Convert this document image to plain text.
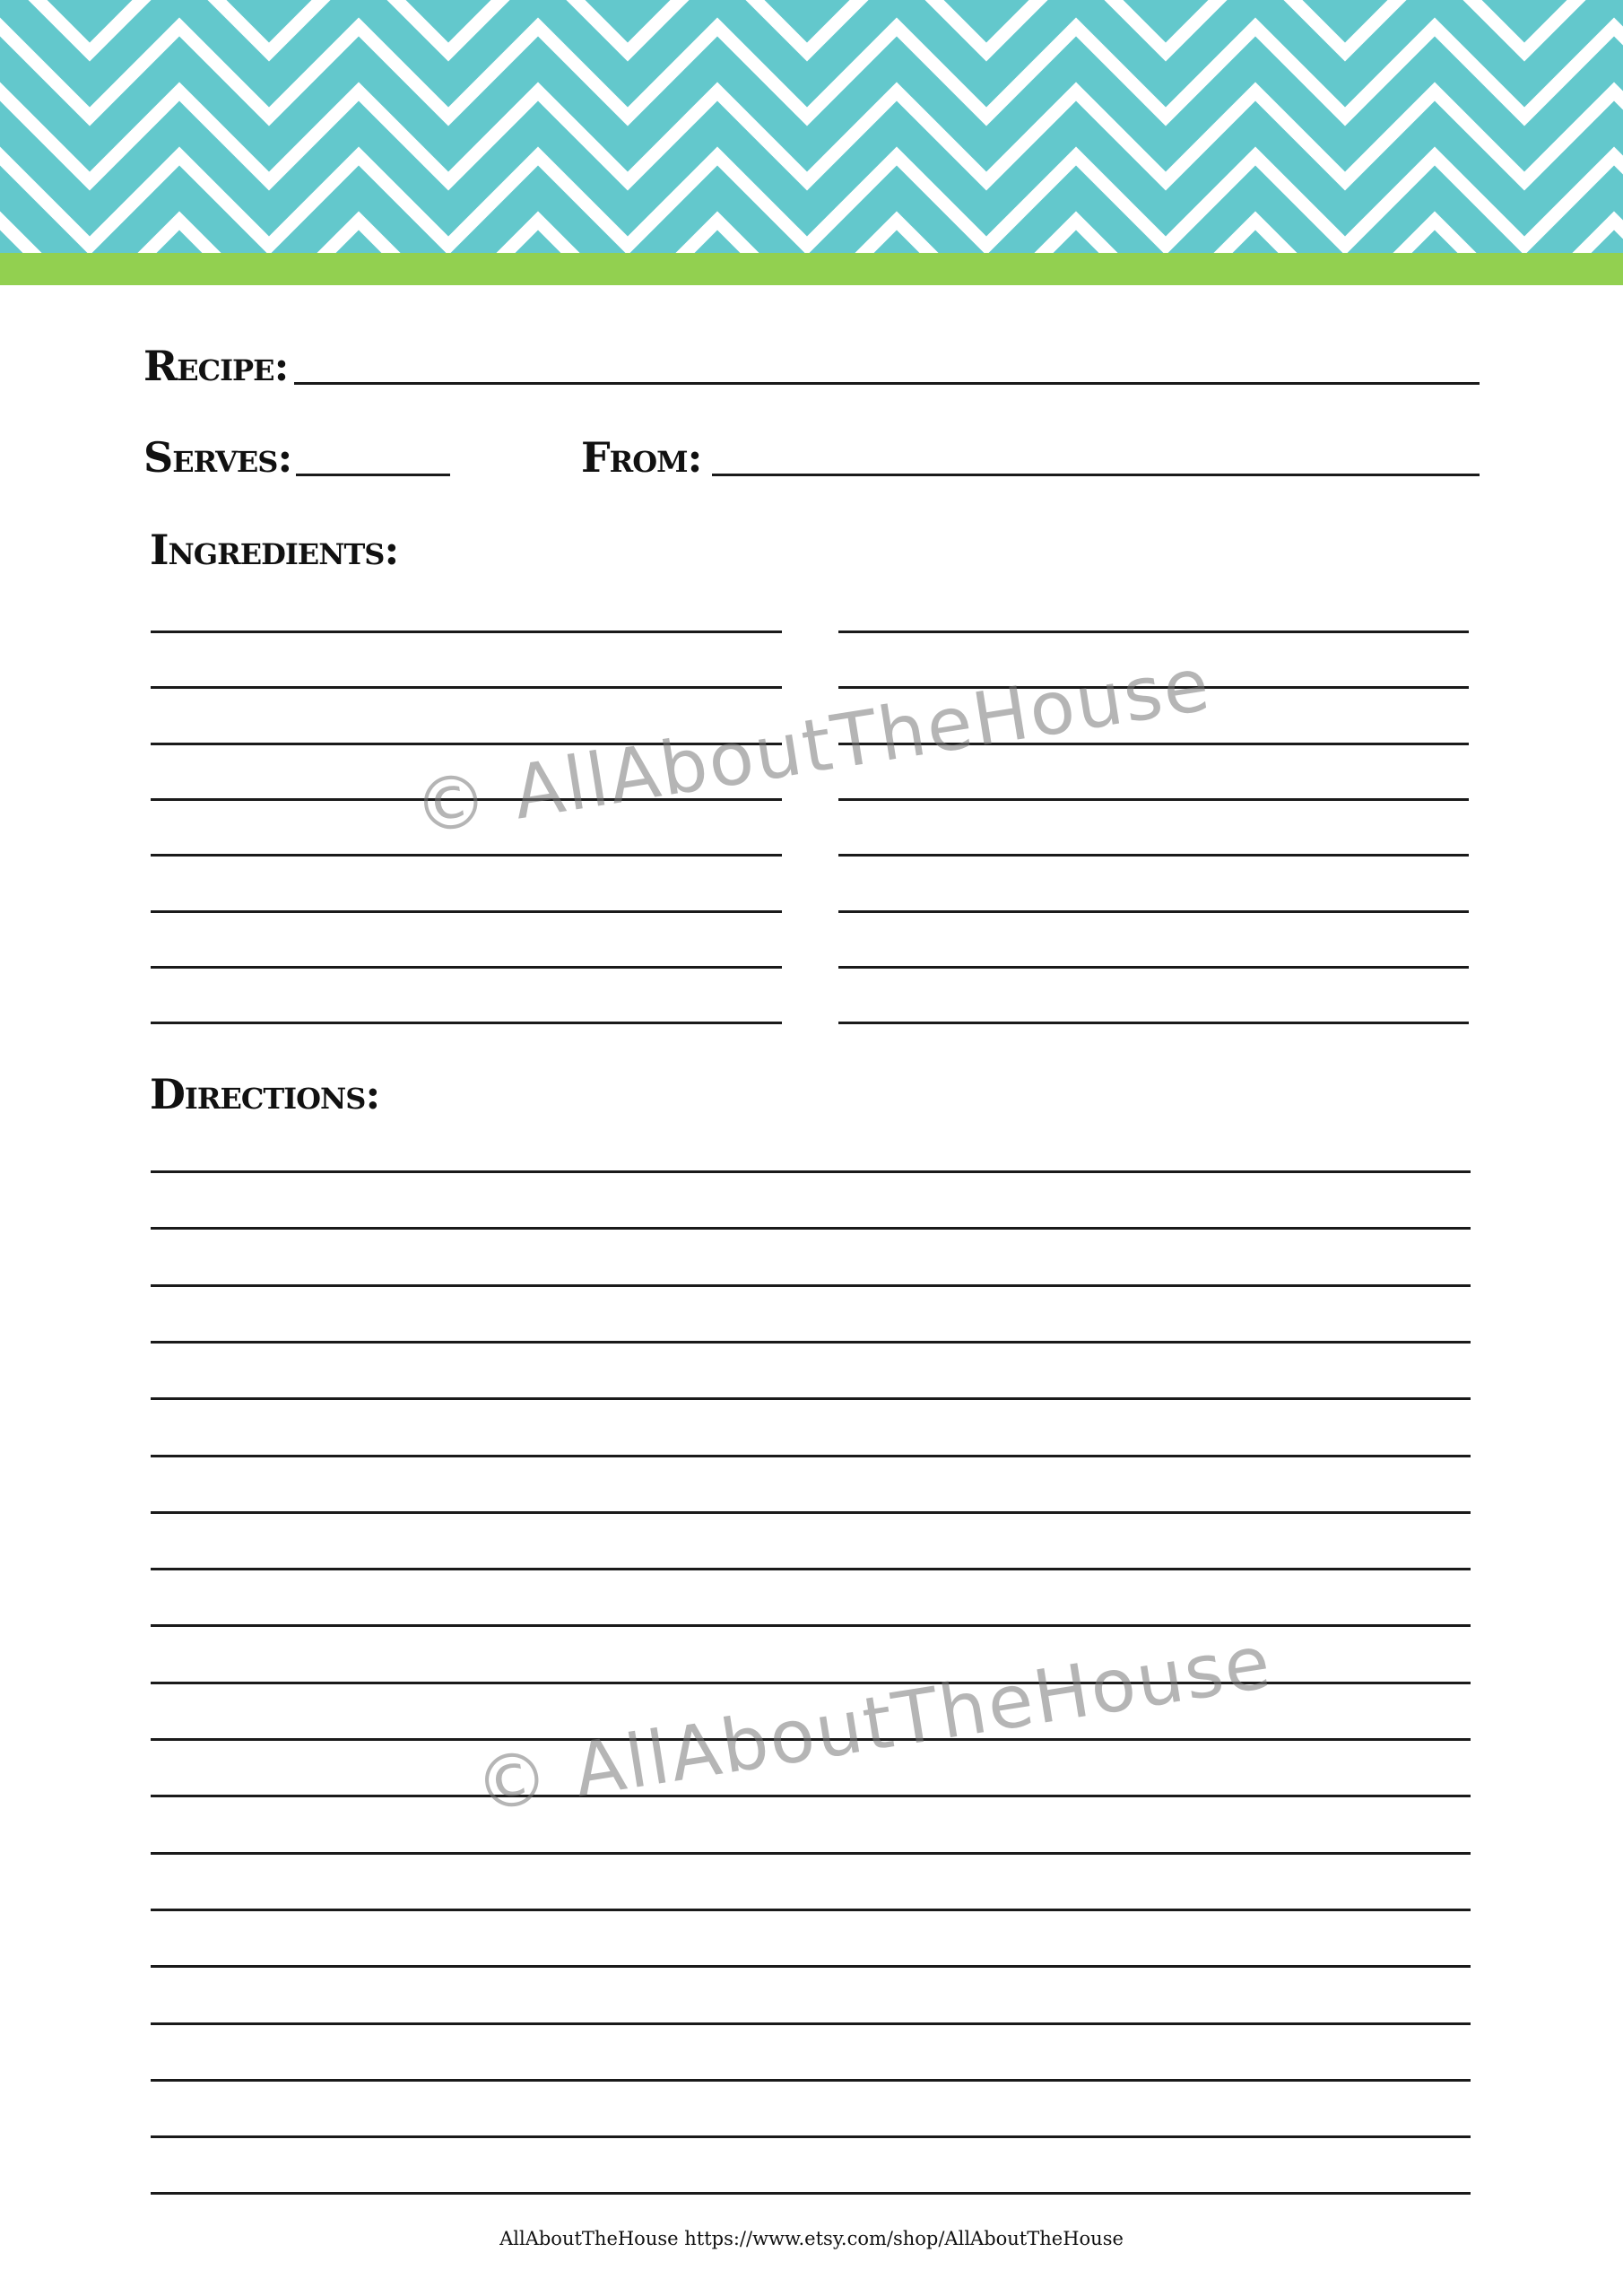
Recipe:
Serves:	From:
Ingredients:
Directions:
© AllAboutTheHouse
© AllAboutTheHouse
AllAboutTheHouse https://www.etsy.com/shop/AllAboutTheHouse
